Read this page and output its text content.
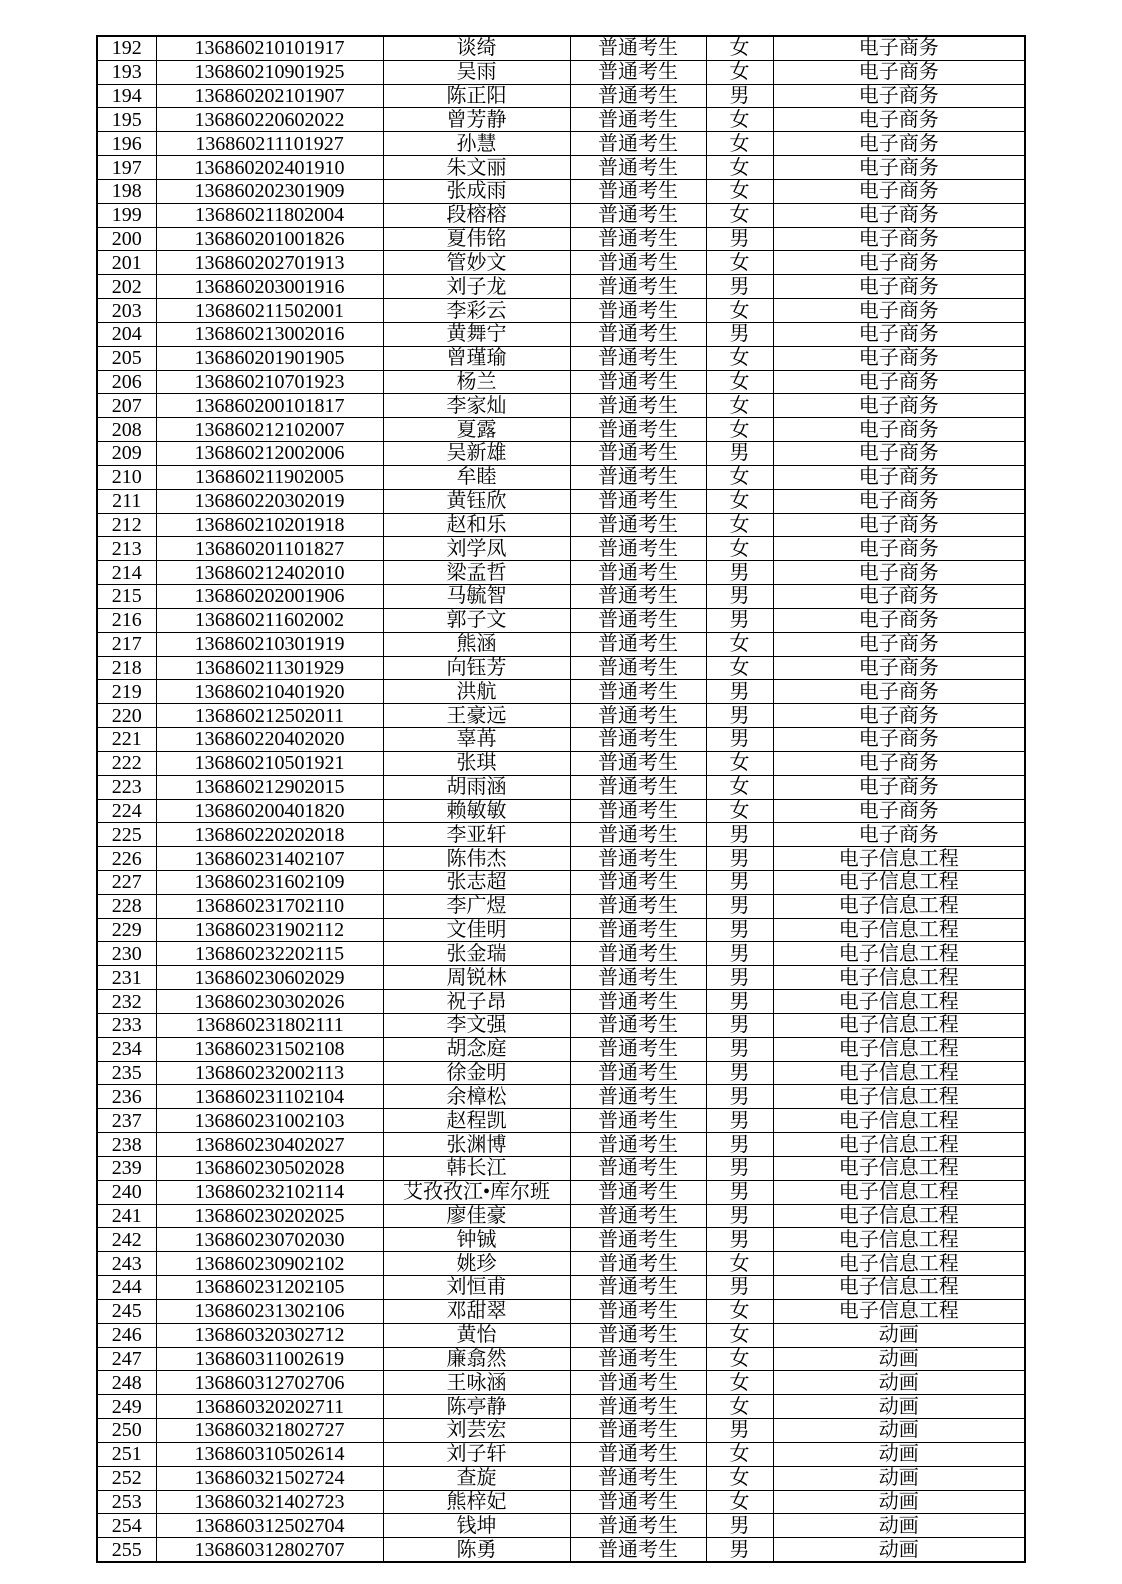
192	136860210101917	谈绮	普通考生	女	电子商务
193	136860210901925	吴雨	普通考生	女	电子商务
194	136860202101907	陈正阳	普通考生	男	电子商务
195	136860220602022	曾芳静	普通考生	女	电子商务
196	136860211101927	孙慧	普通考生	女	电子商务
197	136860202401910	朱文丽	普通考生	女	电子商务
198	136860202301909	张成雨	普通考生	女	电子商务
199	136860211802004	段榕榕	普通考生	女	电子商务
200	136860201001826	夏伟铭	普通考生	男	电子商务
201	136860202701913	管妙文	普通考生	女	电子商务
202	136860203001916	刘子龙	普通考生	男	电子商务
203	136860211502001	李彩云	普通考生	女	电子商务
204	136860213002016	黄舞宁	普通考生	男	电子商务
205	136860201901905	曾瑾瑜	普通考生	女	电子商务
206	136860210701923	杨兰	普通考生	女	电子商务
207	136860200101817	李家灿	普通考生	女	电子商务
208	136860212102007	夏露	普通考生	女	电子商务
209	136860212002006	吴新雄	普通考生	男	电子商务
210	136860211902005	牟睦	普通考生	女	电子商务
211	136860220302019	黄钰欣	普通考生	女	电子商务
212	136860210201918	赵和乐	普通考生	女	电子商务
213	136860201101827	刘学凤	普通考生	女	电子商务
214	136860212402010	梁孟哲	普通考生	男	电子商务
215	136860202001906	马毓智	普通考生	男	电子商务
216	136860211602002	郭子文	普通考生	男	电子商务
217	136860210301919	熊涵	普通考生	女	电子商务
218	136860211301929	向钰芳	普通考生	女	电子商务
219	136860210401920	洪航	普通考生	男	电子商务
220	136860212502011	王豪远	普通考生	男	电子商务
221	136860220402020	辜苒	普通考生	男	电子商务
222	136860210501921	张琪	普通考生	女	电子商务
223	136860212902015	胡雨涵	普通考生	女	电子商务
224	136860200401820	赖敏敏	普通考生	女	电子商务
225	136860220202018	李亚轩	普通考生	男	电子商务
226	136860231402107	陈伟杰	普通考生	男	电子信息工程
227	136860231602109	张志超	普通考生	男	电子信息工程
228	136860231702110	李广煜	普通考生	男	电子信息工程
229	136860231902112	文佳明	普通考生	男	电子信息工程
230	136860232202115	张金瑞	普通考生	男	电子信息工程
231	136860230602029	周锐林	普通考生	男	电子信息工程
232	136860230302026	祝子昂	普通考生	男	电子信息工程
233	136860231802111	李文强	普通考生	男	电子信息工程
234	136860231502108	胡念庭	普通考生	男	电子信息工程
235	136860232002113	徐金明	普通考生	男	电子信息工程
236	136860231102104	余樟松	普通考生	男	电子信息工程
237	136860231002103	赵程凯	普通考生	男	电子信息工程
238	136860230402027	张渊博	普通考生	男	电子信息工程
239	136860230502028	韩长江	普通考生	男	电子信息工程
240	136860232102114	艾孜孜江•库尔班	普通考生	男	电子信息工程
241	136860230202025	廖佳豪	普通考生	男	电子信息工程
242	136860230702030	钟铖	普通考生	男	电子信息工程
243	136860230902102	姚珍	普通考生	女	电子信息工程
244	136860231202105	刘恒甫	普通考生	男	电子信息工程
245	136860231302106	邓甜翠	普通考生	女	电子信息工程
246	136860320302712	黄怡	普通考生	女	动画
247	136860311002619	廉翕然	普通考生	女	动画
248	136860312702706	王咏涵	普通考生	女	动画
249	136860320202711	陈亭静	普通考生	女	动画
250	136860321802727	刘芸宏	普通考生	男	动画
251	136860310502614	刘子轩	普通考生	女	动画
252	136860321502724	查旋	普通考生	女	动画
253	136860321402723	熊梓妃	普通考生	女	动画
254	136860312502704	钱坤	普通考生	男	动画
255	136860312802707	陈勇	普通考生	男	动画
